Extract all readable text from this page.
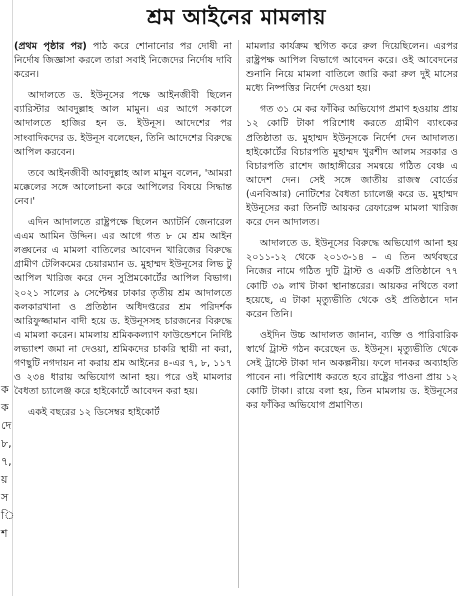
ক
ক
দে
৮,
৭,
য়
স
ি
শ
শ্রম আইনের মামলায়

(প্রথম পৃষ্ঠার পর) পাঠ করে শোনানোর পর দোষী না নির্দোষ জিজ্ঞাসা করলে তারা সবাই নিজেদের নির্দোষ দাবি করেন।

আদালতে ড. ইউনূসের পক্ষে আইনজীবী ছিলেন ব্যারিস্টার আবদুল্লাহ আল মামুন। এর আগে সকালে আদালতে হাজির হন ড. ইউনূস। আদেশের পর সাংবাদিকদের ড. ইউনূস বলেছেন, তিনি আদেশের বিরুদ্ধে আপিল করবেন।

তবে আইনজীবী আবদুল্লাহ আল মামুন বলেন, 'আমরা মক্কেলের সঙ্গে আলোচনা করে আপিলের বিষয়ে সিদ্ধান্ত নেব।'

এদিন আদালতে রাষ্ট্রপক্ষে ছিলেন অ্যাটর্নি জেনারেল এএম আমিন উদ্দিন। এর আগে গত ৮ মে শ্রম আইন লঙ্ঘনের এ মামলা বাতিলের আবেদন খারিজের বিরুদ্ধে গ্রামীণ টেলিকমের চেয়ারম্যান ড. মুহাম্মদ ইউনূসের লিভ টু আপিল খারিজ করে দেন সুপ্রিমকোর্টের আপিল বিভাগ। ২০২১ সালের ৯ সেপ্টেম্বর ঢাকার তৃতীয় শ্রম আদালতে কলকারখানা ও প্রতিষ্ঠান অধিদপ্তরের শ্রম পরিদর্শক আরিফুজ্জামান বাদী হয়ে ড. ইউনূসসহ চারজনের বিরুদ্ধে এ মামলা করেন। মামলায় শ্রমিককল্যাণ ফাউন্ডেশনে নির্দিষ্ট লভ্যাংশ জমা না দেওয়া, শ্রমিকদের চাকরি স্থায়ী না করা, গণছুটি নগদায়ন না করায় শ্রম আইনের ৪-এর ৭, ৮, ১১৭ ও ২৩৪ ধারায় অভিযোগ আনা হয়। পরে ওই মামলার বৈধতা চ্যালেঞ্জ করে হাইকোর্টে আবেদন করা হয়।

একই বছরের ১২ ডিসেম্বর হাইকোর্ট

মামলার কার্যক্রম স্থগিত করে রুল দিয়েছিলেন। এরপর রাষ্ট্রপক্ষ আপিল বিভাগে আবেদন করে। ওই আবেদনের শুনানি নিয়ে মামলা বাতিলে জারি করা রুল দুই মাসের মধ্যে নিষ্পত্তির নির্দেশ দেওয়া হয়।

গত ৩১ মে কর ফাঁকির অভিযোগ প্রমাণ হওয়ায় প্রায় ১২ কোটি টাকা পরিশোধ করতে গ্রামীণ ব্যাংকের প্রতিষ্ঠাতা ড. মুহাম্মদ ইউনূসকে নির্দেশ দেন আদালত। হাইকোর্টের বিচারপতি মুহাম্মদ খুরশীদ আলম সরকার ও বিচারপতি রাশেদ জাহাঙ্গীরের সমন্বয়ে গঠিত বেঞ্চ এ আদেশ দেন। সেই সঙ্গে জাতীয় রাজস্ব বোর্ডের (এনবিআর) নোটিশের বৈধতা চ্যালেঞ্জ করে ড. মুহাম্মদ ইউনূসের করা তিনটি আয়কর রেফারেন্স মামলা খারিজ করে দেন আদালত।

আদালতে ড. ইউনূসের বিরুদ্ধে অভিযোগ আনা হয় ২০১১-১২ থেকে ২০১৩-১৪ – এ তিন অর্থবছরে নিজের নামে গঠিত দুটি ট্রাস্ট ও একটি প্রতিষ্ঠানে ৭৭ কোটি ৩৯ লাখ টাকা স্থানান্তরের। আয়কর নথিতে বলা হয়েছে, এ টাকা মৃত্যুভীতি থেকে ওই প্রতিষ্ঠানে দান করেন তিনি।

ওইদিন উচ্চ আদালত জানান, ব্যক্তি ও পারিবারিক স্বার্থে ট্রাস্ট গঠন করেছেন ড. ইউনূস। মৃত্যুভীতি থেকে সেই ট্রাস্টে টাকা দান অকল্পনীয়। ফলে দানকর অব্যাহতি পাবেন না। পরিশোধ করতে হবে রাষ্ট্রের পাওনা প্রায় ১২ কোটি টাকা। রায়ে বলা হয়, তিন মামলায় ড. ইউনূসের কর ফাঁকির অভিযোগ প্রমাণিত।
